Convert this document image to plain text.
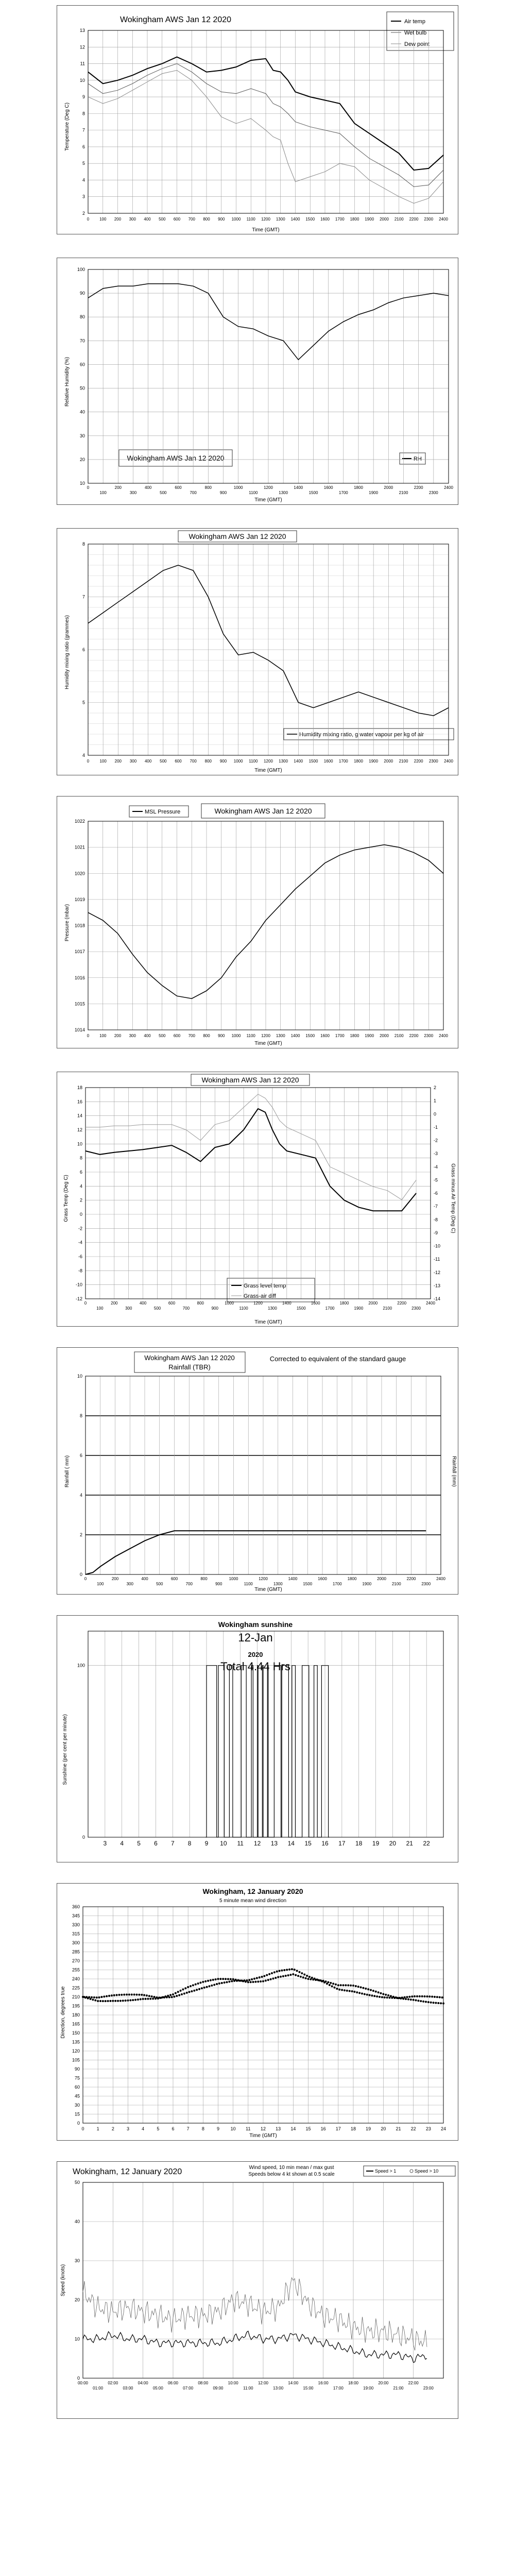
Wokingham AWS Jan 12 2020
Temperature (Deg C)
Time (GMT)
Air temp
Wet bulb
Dew point
2
3
4
5
6
7
8
9
10
11
12
13
0 100 200 300 400 500 600 700 800 900 1000 1100 1200 1300 1400 1500 1600 1700 1800 1900 2000 2100 2200 2300 2400
Relative Humidity (%)
Time (GMT)
Wokingham AWS Jan 12 2020	RH
10
20
30
40
50
60
70
80
90
100
0	200	400	600	800	1000	1200	1400	1600	1800	2000	2200	2400
100	300	500	700	900	1100	1300	1500	1700	1900	2100	2300
Wokingham AWS Jan 12 2020
Humidity mixing ratio (grammes)
Time (GMT)
Humidity mixing ratio, g water vapour per kg of air
4
5
6
7
8
0	100 200 300 400 500 600 700 800 900 1000 1100 1200 1300 1400 1500 1600 1700 1800 1900 2000 2100 2200 2300 2400
MSL Pressure	Wokingham AWS Jan 12 2020
Pressure (mbar)
Time (GMT)
1014
1015
1016
1017
1018
1019
1020
1021
1022
0 100 200 300 400 500 600 700 800 900 1000 1100 1200 1300 1400 1500 1600 1700 1800 1900 2000 2100 2200 2300 2400
Wokingham AWS Jan 12 2020
Grass Temp (Deg C)	Grass minus Air Temp (Deg C)
Time (GMT)
Grass level temp
Grass-air diff
-12
-10
-8
-6
-4
-2
0
2
4
6
8
10
12
14
16
18
-14
-13
-12
-11
-10
-9
-8
-7
-6
-5
-4
-3
-2
-1
0
1
2
0	200	400	600	800	1000	1200	1400	1600	1800	2000	2200	2400
100	300	500	700	900	1100	1300	1500	1700	1900	2100	2300
Wokingham AWS Jan 12 2020
Rainfall (TBR)
Corrected to equivalent of the standard gauge
Rainfall ( mm)	Rainfall (mm)
Time (GMT)
0
2
4
6
8
10
0	200	400	600	800	1000	1200	1400	1600	1800	2000	2200	2400
100	300	500	700	900	1100	1300	1500	1700	1900	2100	2300
Wokingham sunshine
12-Jan
2020
Total 4.44 Hrs
Sunshine (per cent per minute)
0
100
3 4 5 6 7 8 9 10 11 12 13 14 15 16 17 18 19 20 21 22
Wokingham, 12 January 2020
5 minute mean wind direction
Direction, degrees true
Time (GMT)
0
15
30
45
60
75
90
105
120
135
150
165
180
195
210
225
240
255
270
285
300
315
330
345
360
0	1	2	3	4	5	6	7	8	9 10 11 12 13 14 15 16 17 18 19 20 21 22 23 24
Wokingham, 12 January 2020	Wind speed, 10 min mean / max gust
Speeds below 4 kt shown at 0.5 scale
Speed (knots)
Speed > 1	Speed > 10
0
10
20
30
40
50
00:00	02:00	04:00	06:00	08:00	10:00	12:00	14:00	16:00	18:00	20:00	22:00
01:00	03:00	05:00	07:00	09:00	11:00	13:00	15:00	17:00	19:00	21:00	23:00
